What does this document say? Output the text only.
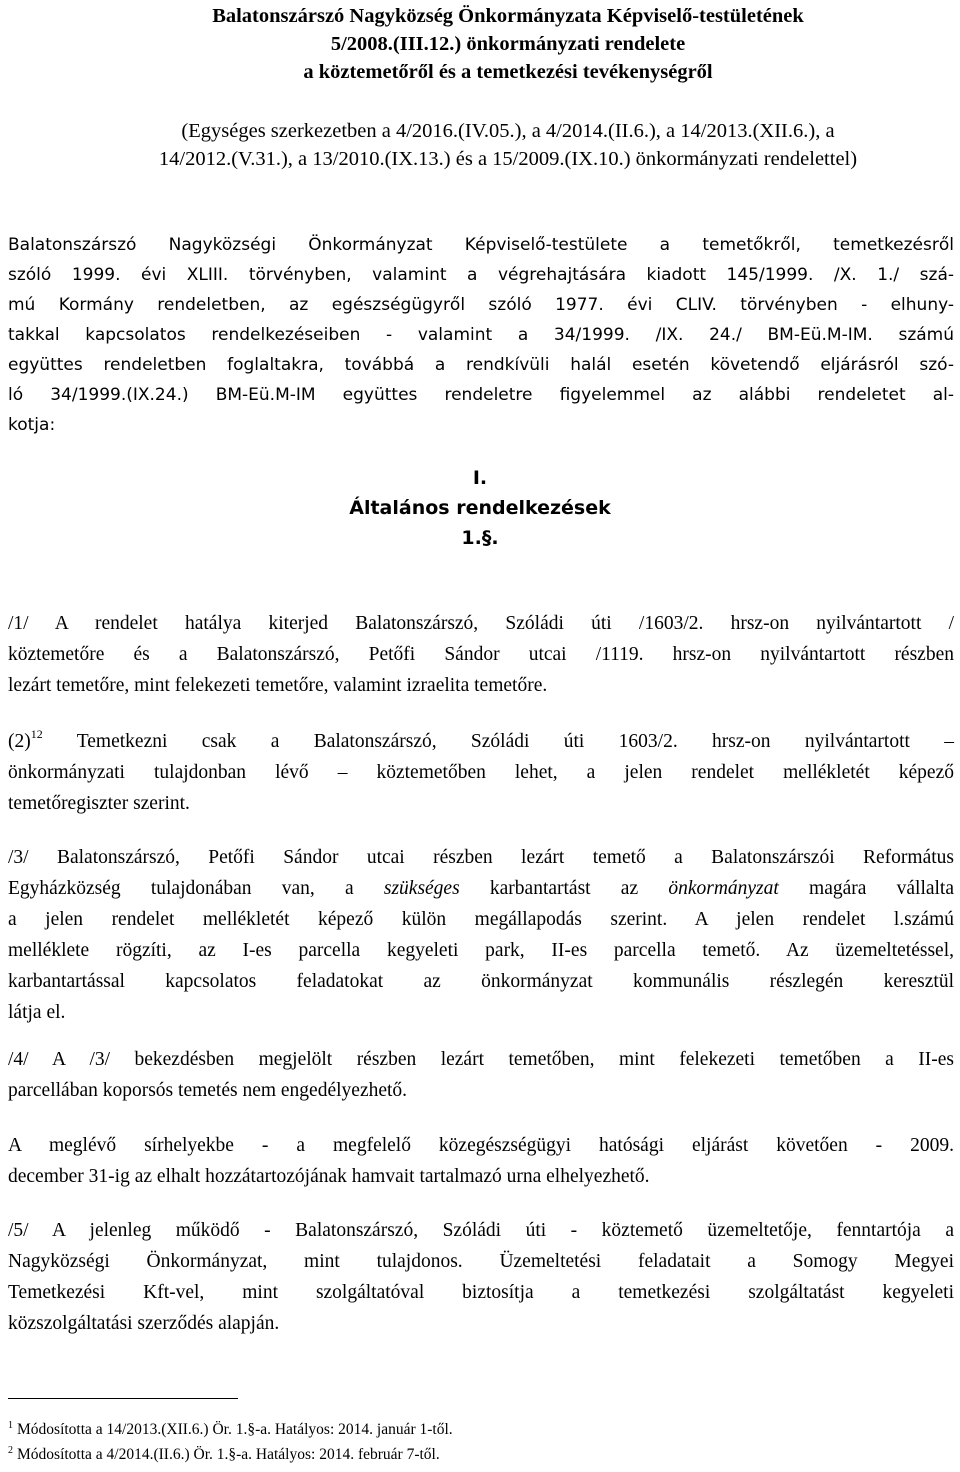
Balatonszárszó Nagyközség Önkormányzata Képviselő-testületének
5/2008.(III.12.) önkormányzati rendelete
a köztemetőről és a temetkezési tevékenységről
(Egységes szerkezetben a 4/2016.(IV.05.), a 4/2014.(II.6.), a 14/2013.(XII.6.), a
14/2012.(V.31.), a 13/2010.(IX.13.) és a 15/2009.(IX.10.) önkormányzati rendelettel)
Balatonszárszó Nagyközségi Önkormányzat Képviselő-testülete a temetőkről, temetkezésről
szóló 1999. évi XLIII. törvényben, valamint a végrehajtására kiadott 145/1999. /X. 1./ szá-
mú Kormány rendeletben, az egészségügyről szóló 1977. évi CLIV. törvényben - elhuny-
takkal kapcsolatos rendelkezéseiben - valamint a 34/1999. /IX. 24./ BM-Eü.M-IM. számú
együttes rendeletben foglaltakra, továbbá a rendkívüli halál esetén követendő eljárásról szó-
ló 34/1999.(IX.24.) BM-Eü.M-IM együttes rendeletre figyelemmel az alábbi rendeletet al-
kotja:
I.
Általános rendelkezések
1.§.
/1/ A rendelet hatálya kiterjed Balatonszárszó, Szóládi úti /1603/2. hrsz-on nyilvántartott /
köztemetőre és a Balatonszárszó, Petőfi Sándor utcai /1119. hrsz-on nyilvántartott részben
lezárt temetőre, mint felekezeti temetőre, valamint izraelita temetőre.
$(2)^{12}$ Temetkezni csak a Balatonszárszó, Szóládi úti 1603/2. hrsz-on nyilvántartott –
önkormányzati tulajdonban lévő – köztemetőben lehet, a jelen rendelet mellékletét képező
temetőregiszter szerint.
/3/ Balatonszárszó, Petőfi Sándor utcai részben lezárt temető a Balatonszárszói Református
Egyházközség tulajdonában van, a szükséges karbantartást az önkormányzat magára vállalta
a jelen rendelet mellékletét képező külön megállapodás szerint. A jelen rendelet l.számú
melléklete rögzíti, az I-es parcella kegyeleti park, II-es parcella temető. Az üzemeltetéssel,
karbantartással kapcsolatos feladatokat az önkormányzat kommunális részlegén keresztül
látja el.
/4/ A /3/ bekezdésben megjelölt részben lezárt temetőben, mint felekezeti temetőben a II-es
parcellában koporsós temetés nem engedélyezhető.
A meglévő sírhelyekbe - a megfelelő közegészségügyi hatósági eljárást követően - 2009.
december 31-ig az elhalt hozzátartozójának hamvait tartalmazó urna elhelyezhető.
/5/ A jelenleg működő - Balatonszárszó, Szóládi úti - köztemető üzemeltetője, fenntartója a
Nagyközségi Önkormányzat, mint tulajdonos. Üzemeltetési feladatait a Somogy Megyei
Temetkezési Kft-vel, mint szolgáltatóval biztosítja a temetkezési szolgáltatást kegyeleti
közszolgáltatási szerződés alapján.
$^1$ Módosította a 14/2013.(XII.6.) Ör. 1.§-a. Hatályos: 2014. január 1-től.
$^2$ Módosította a 4/2014.(II.6.) Ör. 1.§-a. Hatályos: 2014. február 7-től.
